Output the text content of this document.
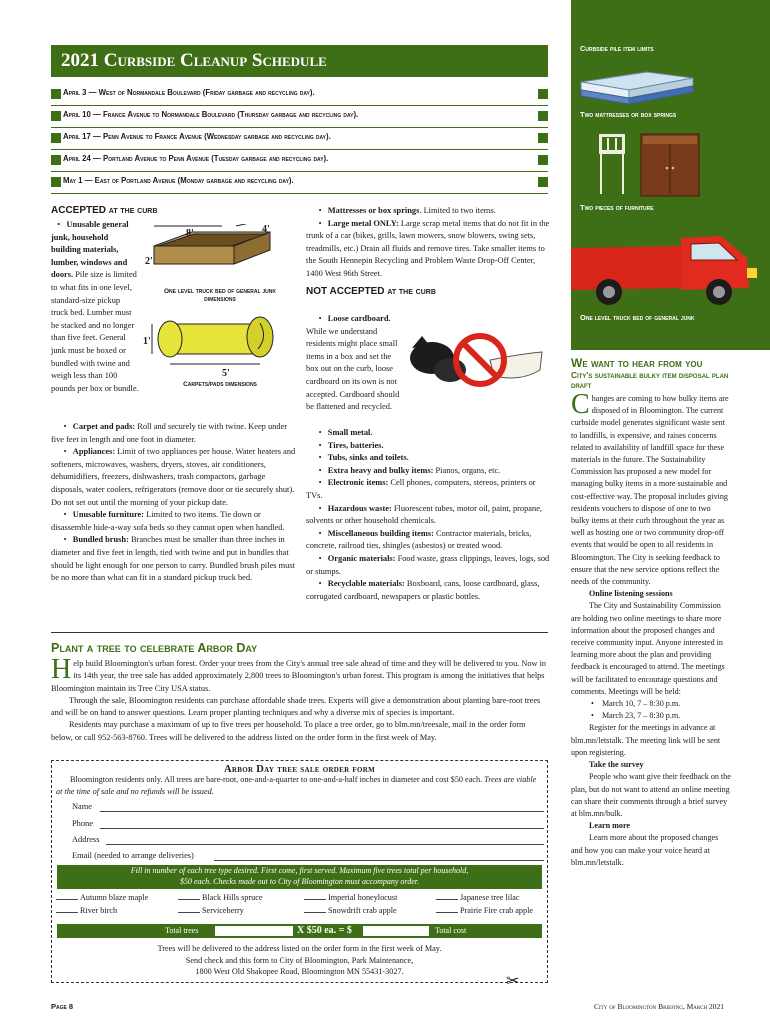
2021 Curbside Cleanup Schedule
April 3 — West of Normandale Boulevard (Friday garbage and recycling day).
April 10 — France Avenue to Normandale Boulevard (Thursday garbage and recycling day).
April 17 — Penn Avenue to France Avenue (Wednesday garbage and recycling day).
April 24 — Portland Avenue to Penn Avenue (Tuesday garbage and recycling day).
May 1 — East of Portland Avenue (Monday garbage and recycling day).
ACCEPTED at the curb
8'	4'
2'
1'
5'
One level truck bed of general junk dimensions
Carpets/pads dimensions

•   Unusable general junk, household building materials, lumber, windows and doors. Pile size is limited to what fits in one level, standard-size pickup truck bed. Lumber must be stacked and no longer than five feet. General junk must be boxed or bundled with twine and weigh less than 100 pounds per box or bundle.

•   Carpet and pads: Roll and securely tie with twine. Keep under five feet in length and one foot in diameter.

•   Appliances: Limit of two appliances per house. Water heaters and softeners, microwaves, washers, dryers, stoves, air conditioners, dehumidifiers, freezers, dishwashers, trash compactors, garbage disposals, water coolers, refrigerators (remove door or tie securely shut). Do not set out until the morning of your pickup date.

•   Unusable furniture: Limited to two items. Tie down or disassemble hide-a-way sofa beds so they cannot open when handled.

•   Bundled brush: Branches must be smaller than three inches in diameter and five feet in length, tied with twine and put in bundles that should be light enough for one person to carry. Bundled brush piles must be no more than what can fit in a standard pickup truck bed.

•   Mattresses or box springs. Limited to two items.

•   Large metal ONLY: Large scrap metal items that do not fit in the trunk of a car (bikes, grills, lawn mowers, snow blowers, swing sets, treadmills, etc.) Drain all fluids and remove tires. Take smaller items to the South Hennepin Recycling and Problem Waste Drop-Off Center, 1400 West 96th Street.

NOT ACCEPTED at the curb

•   Loose cardboard. While we understand residents might place small items in a box and set the box out on the curb, loose cardboard on its own is not accepted. Cardboard should be flattened and recycled.

•   Small metal.

•   Tires, batteries.

•   Tubs, sinks and toilets.

•   Extra heavy and bulky items: Pianos, organs, etc.

•   Electronic items: Cell phones, computers, stereos, printers or TVs.

•   Hazardous waste: Fluorescent tubes, motor oil, paint, propane, solvents or other household chemicals.

•   Miscellaneous building items: Contractor materials, bricks, concrete, railroad ties, shingles (asbestos) or treated wood.

•   Organic materials: Food waste, grass clippings, leaves, logs, sod or stumps.

•   Recyclable materials: Boxboard, cans, loose cardboard, glass, corrugated cardboard, newspapers or plastic bottles.

Curbside pile item limits
Two mattresses or box springs
Two pieces of furniture
One level truck bed of general junk
We want to hear from you
City's sustainable bulky item disposal plan draft

Changes are coming to how bulky items are disposed of in Bloomington. The current curbside model generates significant waste sent to landfills, is expensive, and raises concerns related to availability of landfill space for these materials in the future. The Sustainability Commission has proposed a new model for managing bulky items in a more sustainable and cost-effective way. The proposal includes giving residents vouchers to dispose of one to two bulky items at their curb throughout the year as well as hosting one or two community drop-off events that would be open to all residents in Bloomington. The City is seeking feedback to ensure that the new service options reflect the needs of the community.

Online listening sessions

The City and Sustainability Commission are holding two online meetings to share more information about the proposed changes and receive community input. Anyone interested in learning more about the plan and providing feedback is encouraged to attend. The meetings will be facilitated to encourage questions and comments. Meetings will be held:

•    March 10, 7 – 8:30 p.m.

•    March 23, 7 – 8:30 p.m.

Register for the meetings in advance at blm.mn/letstalk. The meeting link will be sent upon registering.

Take the survey

People who want give their feedback on the plan, but do not want to attend an online meeting can share their comments through a brief survey at blm.mn/bulk.

Learn more

Learn more about the proposed changes and how you can make your voice heard at blm.mn/letstalk.

Plant a tree to celebrate Arbor Day

Help build Bloomington's urban forest. Order your trees from the City's annual tree sale ahead of time and they will be delivered to you. Now in its 14th year, the tree sale has added approximately 2,800 trees to Bloomington's urban forest. This program is among the initiatives that helps Bloomington maintain its Tree City USA status.

Through the sale, Bloomington residents can purchase affordable shade trees. Experts will give a demonstration about planting bare-root trees and will be on hand to answer questions. Learn proper planting techniques and why a diverse mix of species is important.

Residents may purchase a maximum of up to five trees per household. To place a tree order, go to blm.mn/treesale, mail in the order form below, or call 952-563-8760. Trees will be delivered to the address listed on the order form in the first week of May.

Arbor Day tree sale order form
Bloomington residents only. All trees are bare-root, one-and-a-quarter to one-and-a-half inches in diameter and cost $50 each. Trees are viable at the time of sale and no refunds will be issued.
Name
Phone
Address
Email (needed to arrange deliveries)
Fill in number of each tree type desired. First come, first served. Maximum five trees total per household,
$50 each. Checks made out to City of Bloomington must accompany order.
Autumn blaze maple	Black Hills spruce	Imperial honeylocust	Japanese tree lilac
River birch	Serviceberry	Snowdrift crab apple	Prairie Fire crab apple
Total trees	X $50 ea. = $	Total cost
Trees will be delivered to the address listed on the order form in the first week of May.
Send check and this form to City of Bloomington, Park Maintenance,
1800 West Old Shakopee Road, Bloomington MN 55431-3027.
✂
Page 8	City of Bloomington Briefing, March 2021
